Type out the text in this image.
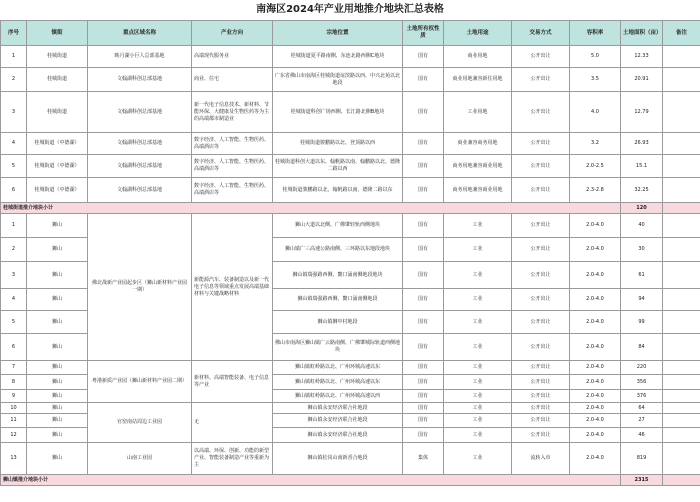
南海区2024年产业用地推介地块汇总表格
序号	镇街	重点区域名称	产业方向	宗地位置	土地所有权性质	土地用途	交易方式	容积率	土地面积（亩）	备注
1	桂城街道	映月湖小巨人总部基地	高端现代服务业	桂城街道夏平路南侧、东连北路西侧C地块	国有	商业用地	公开出让	5.0	12.33	
2	桂城街道	文翰湖科创总部基地	商业、住宅	广东省佛山市南海区桂城街道谊滨路以西、中兴北苑以北地段	国有	商业用地兼容新住用地	公开出让	3.5	20.91	
3	桂城街道	文翰湖科创总部基地	新一代电子信息技术、新材料、节能环保、大健康及生物医药等为主的高端都市制造业	桂城街道科创广场西侧、长江路北侧B地块	国有	工业用地	公开出让	4.0	12.79	
4	桂城街道（中德湖）	文翰湖科创总部基地	数字经济、人工智能、生物医药、高端酒店等	桂城街道骏鹏路以北、登顶路以西	国有	商业兼容商务用地	公开出让	3.2	26.93	
5	桂城街道（中德湖）	文翰湖科创总部基地	数字经济、人工智能、生物医药、高端酒店等	桂城街道科创大道以东、翰帆路以南、翰鹏路以北、德隆二路以西	国有	商务用地兼容商业用地	公开出让	2.0-2.5	15.1	
6	桂城街道（中德湖）	文翰湖科创总部基地	数字经济、人工智能、生物医药、高端酒店等	桂城街道骏鹏路以北、翰帆路以南、德隆二路以东	国有	商务用地兼容商业用地	公开出让	2.3-2.8	32.25	
桂城街道推介地块小计									120	
1	狮山	佛北战新产业园起步区（狮山新材料产业园一期）	新能源汽车、装备制造以及新一代电子信息等领域重点发展高端基础材料与关键战略材料	狮山大道以北侧、广佛肇轻轨西侧地块	国有	工业	公开出让	2.0-4.0	40	
2	狮山			狮山镇广三高速公路南侧、三环路以东地段地块	国有	工业	公开出让	2.0-4.0	30	
3	狮山			狮山镇瑞强路西侧、鳌口涌南侧地段地块	国有	工业	公开出让	2.0-4.0	61	
4	狮山			狮山镇瑞强路西侧、鳌口涌南侧地段	国有	工业	公开出让	2.0-4.0	94	
5	狮山			狮山镇狮中村地段	国有	工业	公开出让	2.0-4.0	99	
6	狮山			佛山市南海区狮山镇广云路南侧、广佛肇城际轨道西侧地块	国有	工业	公开出让	2.0-4.0	84	
7	狮山	粤港新质产业园（狮山新材料产业园二期）	新材料、高端智能装备、电子信息等产业	狮山镇虹岭路以北、广州环城高速以东	国有	工业	公开出让	2.0-4.0	220	
8	狮山			狮山镇虹岭路以北、广州环城高速以东	国有	工业	公开出让	2.0-4.0	356	
9	狮山			狮山镇虹岭路以北、广州环城高速以西	国有	工业	公开出让	2.0-4.0	376	
10	狮山	官窑南站周边工业园	无	狮山镇永安经济联合社地段	国有	工业	公开出让	2.0-4.0	64	
11	狮山			狮山镇永安经济联合社地段	国有	工业	公开出让	2.0-4.0	27	
12	狮山			狮山镇永安经济联合社地段	国有	工业	公开出让	2.0-4.0	46	
13	狮山	山南工业园	以高端、环保、创新、功能的新型产业、智能装备制造产业等重新为主	狮山镇松岗山南新香合地段	集体	工业	流转入市	2.0-4.0	819	
狮山镇推介地块小计									2315	
